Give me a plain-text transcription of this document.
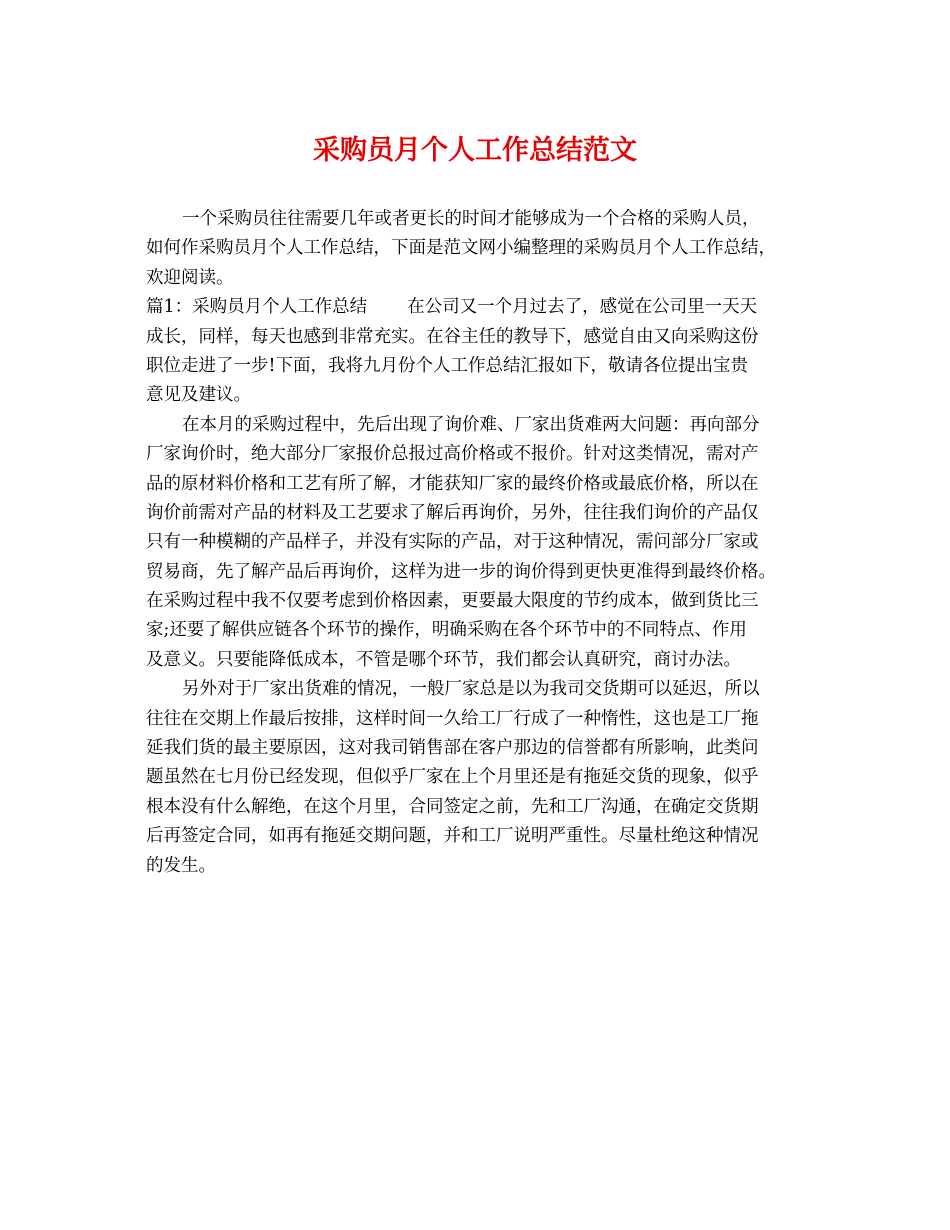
采购员月个人工作总结范文
一个采购员往往需要几年或者更长的时间才能够成为一个合格的采购人员，
如何作采购员月个人工作总结，下面是范文网小编整理的采购员月个人工作总结，
欢迎阅读。
篇1：采购员月个人工作总结 在公司又一个月过去了，感觉在公司里一天天
成长，同样，每天也感到非常充实。在谷主任的教导下，感觉自由又向采购这份
职位走进了一步!下面，我将九月份个人工作总结汇报如下，敬请各位提出宝贵
意见及建议。
在本月的采购过程中，先后出现了询价难、厂家出货难两大问题：再向部分
厂家询价时，绝大部分厂家报价总报过高价格或不报价。针对这类情况，需对产
品的原材料价格和工艺有所了解，才能获知厂家的最终价格或最底价格，所以在
询价前需对产品的材料及工艺要求了解后再询价，另外，往往我们询价的产品仅
只有一种模糊的产品样子，并没有实际的产品，对于这种情况，需问部分厂家或
贸易商，先了解产品后再询价，这样为进一步的询价得到更快更准得到最终价格。
在采购过程中我不仅要考虑到价格因素，更要最大限度的节约成本，做到货比三
家;还要了解供应链各个环节的操作，明确采购在各个环节中的不同特点、作用
及意义。只要能降低成本，不管是哪个环节，我们都会认真研究，商讨办法。
另外对于厂家出货难的情况，一般厂家总是以为我司交货期可以延迟，所以
往往在交期上作最后按排，这样时间一久给工厂行成了一种惰性，这也是工厂拖
延我们货的最主要原因，这对我司销售部在客户那边的信誉都有所影响，此类问
题虽然在七月份已经发现，但似乎厂家在上个月里还是有拖延交货的现象，似乎
根本没有什么解绝，在这个月里，合同签定之前，先和工厂沟通，在确定交货期
后再签定合同，如再有拖延交期问题，并和工厂说明严重性。尽量杜绝这种情况
的发生。
